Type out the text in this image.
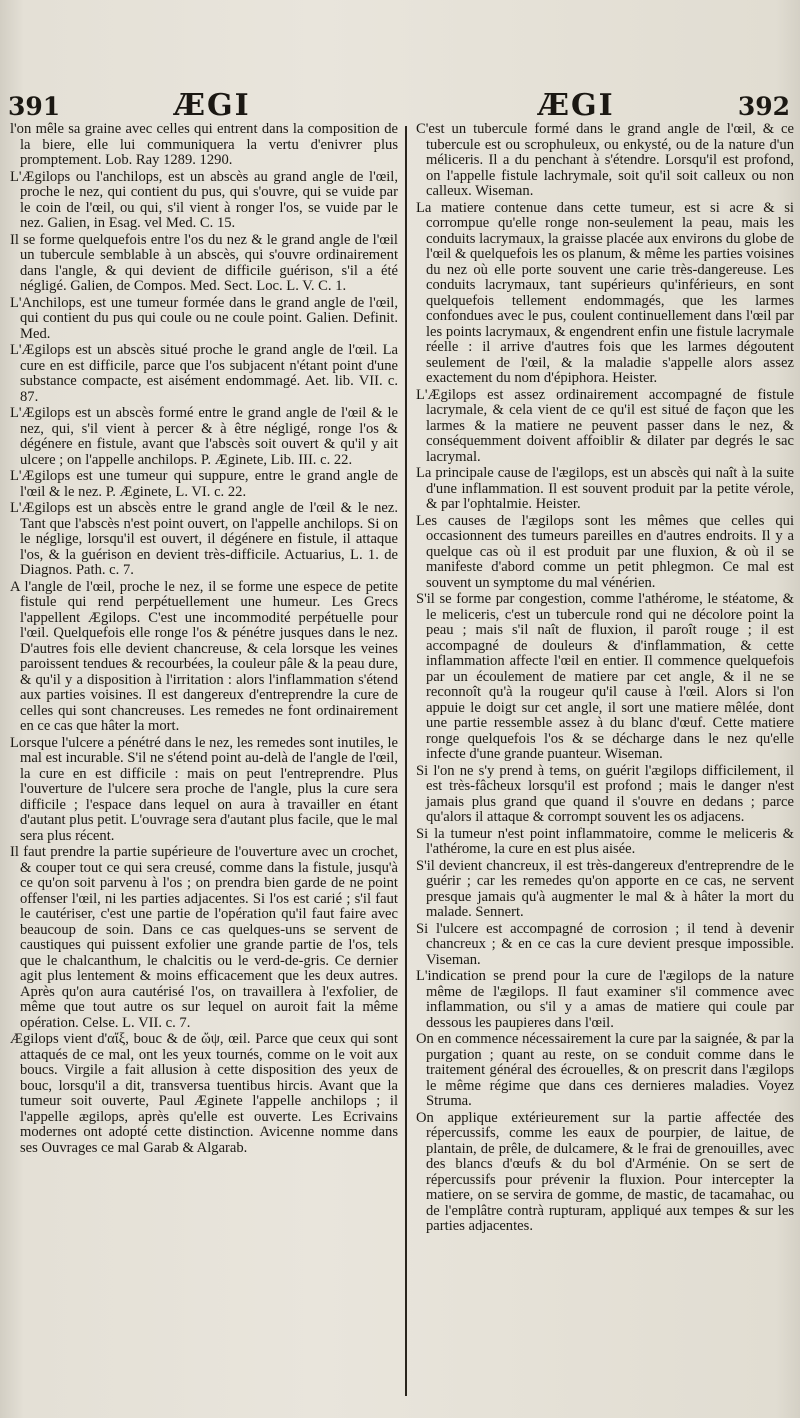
391	ÆGI	ÆGI	392

l'on mêle sa graine avec celles qui entrent dans la composition de la biere, elle lui communiquera la vertu d'enivrer plus promptement. Lob. Ray 1289. 1290.

L'Ægilops ou l'anchilops, est un abscès au grand angle de l'œil, proche le nez, qui contient du pus, qui s'ouvre, qui se vuide par le coin de l'œil, ou qui, s'il vient à ronger l'os, se vuide par le nez. Galien, in Esag. vel Med. C. 15.

Il se forme quelquefois entre l'os du nez & le grand angle de l'œil un tubercule semblable à un abscès, qui s'ouvre ordinairement dans l'angle, & qui devient de difficile guérison, s'il a été négligé. Galien, de Compos. Med. Sect. Loc. L. V. C. 1.

L'Anchilops, est une tumeur formée dans le grand angle de l'œil, qui contient du pus qui coule ou ne coule point. Galien. Definit. Med.

L'Ægilops est un abscès situé proche le grand angle de l'œil. La cure en est difficile, parce que l'os subjacent n'étant point d'une substance compacte, est aisément endommagé. Aet. lib. VII. c. 87.

L'Ægilops est un abscès formé entre le grand angle de l'œil & le nez, qui, s'il vient à percer & à être négligé, ronge l'os & dégénere en fistule, avant que l'abscès soit ouvert & qu'il y ait ulcere ; on l'appelle anchilops. P. Æginete, Lib. III. c. 22.

L'Ægilops est une tumeur qui suppure, entre le grand angle de l'œil & le nez. P. Æginete, L. VI. c. 22.

L'Ægilops est un abscès entre le grand angle de l'œil & le nez. Tant que l'abscès n'est point ouvert, on l'appelle anchilops. Si on le néglige, lorsqu'il est ouvert, il dégénere en fistule, il attaque l'os, & la guérison en devient très-difficile. Actuarius, L. 1. de Diagnos. Path. c. 7.

A l'angle de l'œil, proche le nez, il se forme une espece de petite fistule qui rend perpétuellement une humeur. Les Grecs l'appellent Ægilops. C'est une incommodité perpétuelle pour l'œil. Quelquefois elle ronge l'os & pénétre jusques dans le nez. D'autres fois elle devient chancreuse, & cela lorsque les veines paroissent tendues & recourbées, la couleur pâle & la peau dure, & qu'il y a disposition à l'irritation : alors l'inflammation s'étend aux parties voisines. Il est dangereux d'entreprendre la cure de celles qui sont chancreuses. Les remedes ne font ordinairement en ce cas que hâter la mort.

Lorsque l'ulcere a pénétré dans le nez, les remedes sont inutiles, le mal est incurable. S'il ne s'étend point au-delà de l'angle de l'œil, la cure en est difficile : mais on peut l'entreprendre. Plus l'ouverture de l'ulcere sera proche de l'angle, plus la cure sera difficile ; l'espace dans lequel on aura à travailler en étant d'autant plus petit. L'ouvrage sera d'autant plus facile, que le mal sera plus récent.

Il faut prendre la partie supérieure de l'ouverture avec un crochet, & couper tout ce qui sera creusé, comme dans la fistule, jusqu'à ce qu'on soit parvenu à l'os ; on prendra bien garde de ne point offenser l'œil, ni les parties adjacentes. Si l'os est carié ; s'il faut le cautériser, c'est une partie de l'opération qu'il faut faire avec beaucoup de soin. Dans ce cas quelques-uns se servent de caustiques qui puissent exfolier une grande partie de l'os, tels que le chalcanthum, le chalcitis ou le verd-de-gris. Ce dernier agit plus lentement & moins efficacement que les deux autres. Après qu'on aura cautérisé l'os, on travaillera à l'exfolier, de même que tout autre os sur lequel on auroit fait la même opération. Celse. L. VII. c. 7.

Ægilops vient d'αἴξ, bouc & de ὤψ, œil. Parce que ceux qui sont attaqués de ce mal, ont les yeux tournés, comme on le voit aux boucs. Virgile a fait allusion à cette disposition des yeux de bouc, lorsqu'il a dit, transversa tuentibus hircis. Avant que la tumeur soit ouverte, Paul Æginete l'appelle anchilops ; il l'appelle ægilops, après qu'elle est ouverte. Les Ecrivains modernes ont adopté cette distinction. Avicenne nomme dans ses Ouvrages ce mal Garab & Algarab.

C'est un tubercule formé dans le grand angle de l'œil, & ce tubercule est ou scrophuleux, ou enkysté, ou de la nature d'un méliceris. Il a du penchant à s'étendre. Lorsqu'il est profond, on l'appelle fistule lachrymale, soit qu'il soit calleux ou non calleux. Wiseman.

La matiere contenue dans cette tumeur, est si acre & si corrompue qu'elle ronge non-seulement la peau, mais les conduits lacrymaux, la graisse placée aux environs du globe de l'œil & quelquefois les os planum, & même les parties voisines du nez où elle porte souvent une carie très-dangereuse. Les conduits lacrymaux, tant supérieurs qu'inférieurs, en sont quelquefois tellement endommagés, que les larmes confondues avec le pus, coulent continuellement dans l'œil par les points lacrymaux, & engendrent enfin une fistule lacrymale réelle : il arrive d'autres fois que les larmes dégoutent seulement de l'œil, & la maladie s'appelle alors assez exactement du nom d'épiphora. Heister.

L'Ægilops est assez ordinairement accompagné de fistule lacrymale, & cela vient de ce qu'il est situé de façon que les larmes & la matiere ne peuvent passer dans le nez, & conséquemment doivent affoiblir & dilater par degrés le sac lacrymal.

La principale cause de l'ægilops, est un abscès qui naît à la suite d'une inflammation. Il est souvent produit par la petite vérole, & par l'ophtalmie. Heister.

Les causes de l'ægilops sont les mêmes que celles qui occasionnent des tumeurs pareilles en d'autres endroits. Il y a quelque cas où il est produit par une fluxion, & où il se manifeste d'abord comme un petit phlegmon. Ce mal est souvent un symptome du mal vénérien.

S'il se forme par congestion, comme l'athérome, le stéatome, & le meliceris, c'est un tubercule rond qui ne décolore point la peau ; mais s'il naît de fluxion, il paroît rouge ; il est accompagné de douleurs & d'inflammation, & cette inflammation affecte l'œil en entier. Il commence quelquefois par un écoulement de matiere par cet angle, & il ne se reconnoît qu'à la rougeur qu'il cause à l'œil. Alors si l'on appuie le doigt sur cet angle, il sort une matiere mêlée, dont une partie ressemble assez à du blanc d'œuf. Cette matiere ronge quelquefois l'os & se décharge dans le nez qu'elle infecte d'une grande puanteur. Wiseman.

Si l'on ne s'y prend à tems, on guérit l'ægilops difficilement, il est très-fâcheux lorsqu'il est profond ; mais le danger n'est jamais plus grand que quand il s'ouvre en dedans ; parce qu'alors il attaque & corrompt souvent les os adjacens.

Si la tumeur n'est point inflammatoire, comme le meliceris & l'athérome, la cure en est plus aisée.

S'il devient chancreux, il est très-dangereux d'entreprendre de le guérir ; car les remedes qu'on apporte en ce cas, ne servent presque jamais qu'à augmenter le mal & à hâter la mort du malade. Sennert.

Si l'ulcere est accompagné de corrosion ; il tend à devenir chancreux ; & en ce cas la cure devient presque impossible. Viseman.

L'indication se prend pour la cure de l'ægilops de la nature même de l'ægilops. Il faut examiner s'il commence avec inflammation, ou s'il y a amas de matiere qui coule par dessous les paupieres dans l'œil.

On en commence nécessairement la cure par la saignée, & par la purgation ; quant au reste, on se conduit comme dans le traitement général des écrouelles, & on prescrit dans l'ægilops le même régime que dans ces dernieres maladies. Voyez Struma.

On applique extérieurement sur la partie affectée des répercussifs, comme les eaux de pourpier, de laitue, de plantain, de prêle, de dulcamere, & le frai de grenouilles, avec des blancs d'œufs & du bol d'Arménie. On se sert de répercussifs pour prévenir la fluxion. Pour intercepter la matiere, on se servira de gomme, de mastic, de tacamahac, ou de l'emplâtre contrà rupturam, appliqué aux tempes & sur les parties adjacentes.
